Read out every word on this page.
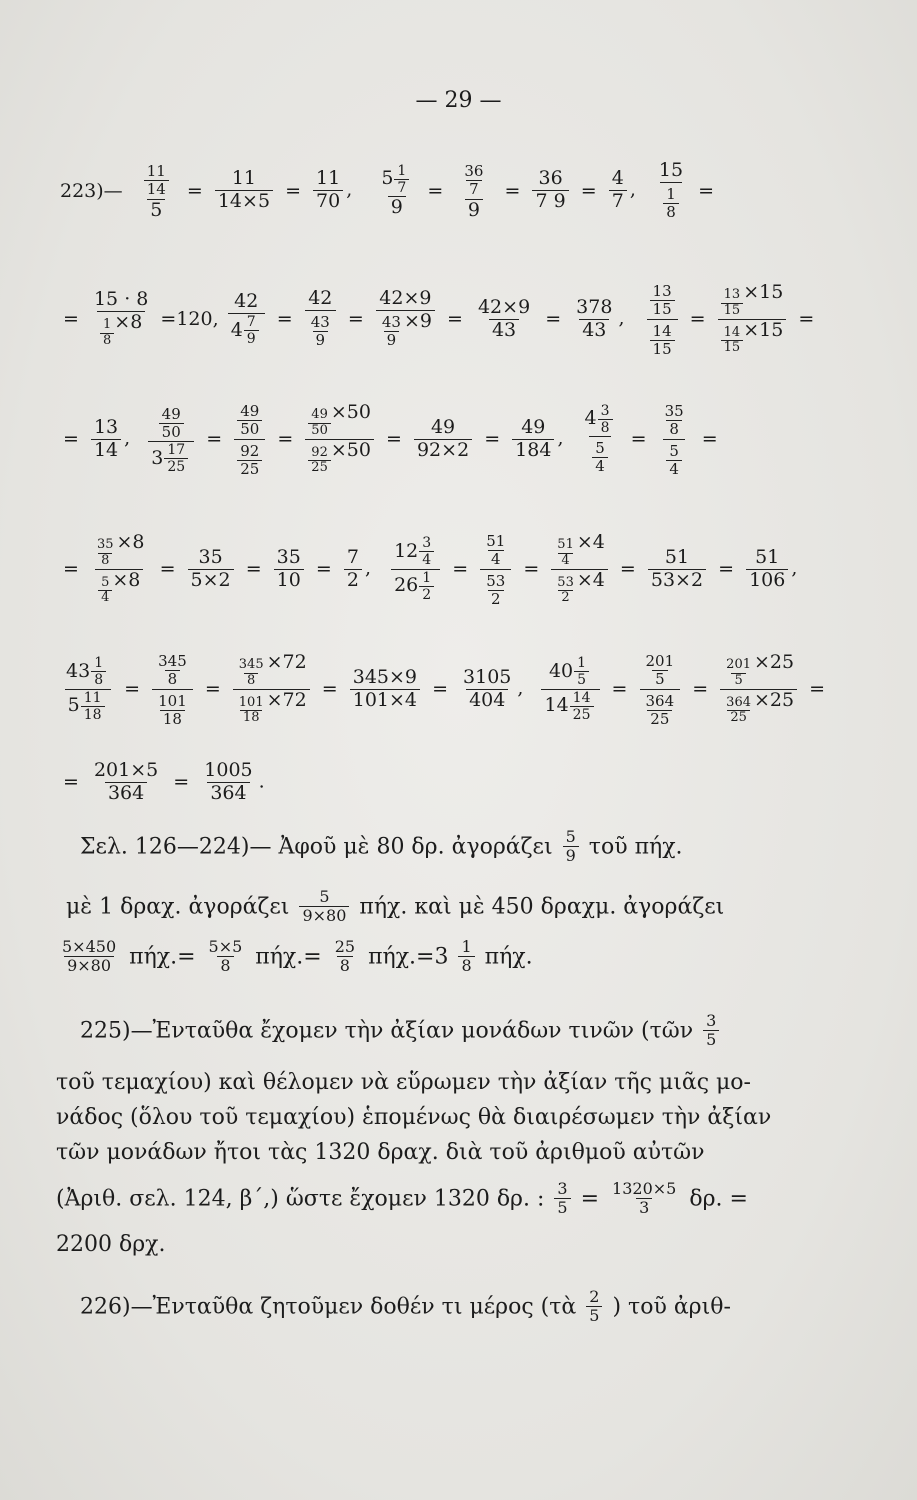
— 29 —
223)— $\frac{\frac{11}{14}}{5} = \frac{11}{14\times 5} = \frac{11}{70}$ , $\frac{5 \frac{1}{7}}{9} = \frac{\frac{36}{7}}{9} = \frac{36}{7 9} = \frac{4}{7}$ , $\frac{15}{\frac{1}{8}}$ =
= $\frac{15 \cdot 8}{\frac{1}{8} \times 8} =120$, $\frac{42}{4 \frac{7}{9}} = \frac{42}{\frac{43}{9}} = \frac{42\times 9}{\frac{43}{9} \times 9} = \frac{42\times 9}{43} = \frac{378}{43}$ , $\frac{\frac{13}{15}}{\frac{14}{15}} = \frac{\frac{13}{15} \times 15}{\frac{14}{15} \times 15}$ =
= $\frac{13}{14}$ , $\frac{\frac{49}{50}}{3 \frac{17}{25}} = \frac{\frac{49}{50}}{\frac{92}{25}} = \frac{\frac{49}{50} \times 50}{\frac{92}{25} \times 50} = \frac{49}{92\times 2} = \frac{49}{184}$ , $\frac{4 \frac{3}{8}}{\frac{5}{4}} = \frac{\frac{35}{8}}{\frac{5}{4}}$ =
= $\frac{\frac{35}{8} \times 8}{\frac{5}{4} \times 8} = \frac{35}{5\times 2} = \frac{35}{10} = \frac{7}{2}$ , $\frac{12 \frac{3}{4}}{26 \frac{1}{2}} = \frac{\frac{51}{4}}{\frac{53}{2}} = \frac{\frac{51}{4} \times 4}{\frac{53}{2} \times 4} = \frac{51}{53\times 2} = \frac{51}{106}$ ,
$\frac{43 \frac{1}{8}}{5 \frac{11}{18}} = \frac{\frac{345}{8}}{\frac{101}{18}} = \frac{\frac{345}{8} \times 72}{\frac{101}{18} \times 72} = \frac{345\times 9}{101\times 4} = \frac{3105}{404}$ , $\frac{40 \frac{1}{5}}{14 \frac{14}{25}} = \frac{\frac{201}{5}}{\frac{364}{25}} = \frac{\frac{201}{5} \times 25}{\frac{364}{25} \times 25}$ =
= $\frac{201\times 5}{364} = \frac{1005}{364}$ .
Σελ. 126—224)— Ἀφοῦ μὲ 80 δρ. ἀγοράζει $\frac{5}{9}$ τοῦ πήχ.
μὲ 1 δραχ. ἀγοράζει $\frac{5}{9\times 80} \pi ή\chi$. καὶ μὲ 450 δραχμ. ἀγοράζει
$\frac{5\times 450}{9\times 80} \pi ή\chi.= \frac{5\times 5}{8} \pi ή\chi.= \frac{25}{8} \pi ή\chi.=3 \frac{1}{8} \pi ή\chi$.
225)—Ἐνταῦθα ἔχομεν τὴν ἀξίαν μονάδων τινῶν (τῶν $\frac{3}{5}$
τοῦ τεμαχίου) καὶ θέλομεν νὰ εὕρωμεν τὴν ἀξίαν τῆς μιᾶς μο-
νάδος (ὅλου τοῦ τεμαχίου) ἑπομένως θὰ διαιρέσωμεν τὴν ἀξίαν
τῶν μονάδων ἤτοι τὰς 1320 δραχ. διὰ τοῦ ἀριθμοῦ αὐτῶν
(Ἀριθ. σελ. 124, β΄,) ὥστε ἔχομεν 1320 δρ. : $\frac{3}{5} = \frac{1320\times 5}{3} \delta\rho$. =
2200 δρχ.
226)—Ἐνταῦθα ζητοῦμεν δοθέν τι μέρος (τὰ $\frac{2}{5}$ ) τοῦ ἀριθ-
